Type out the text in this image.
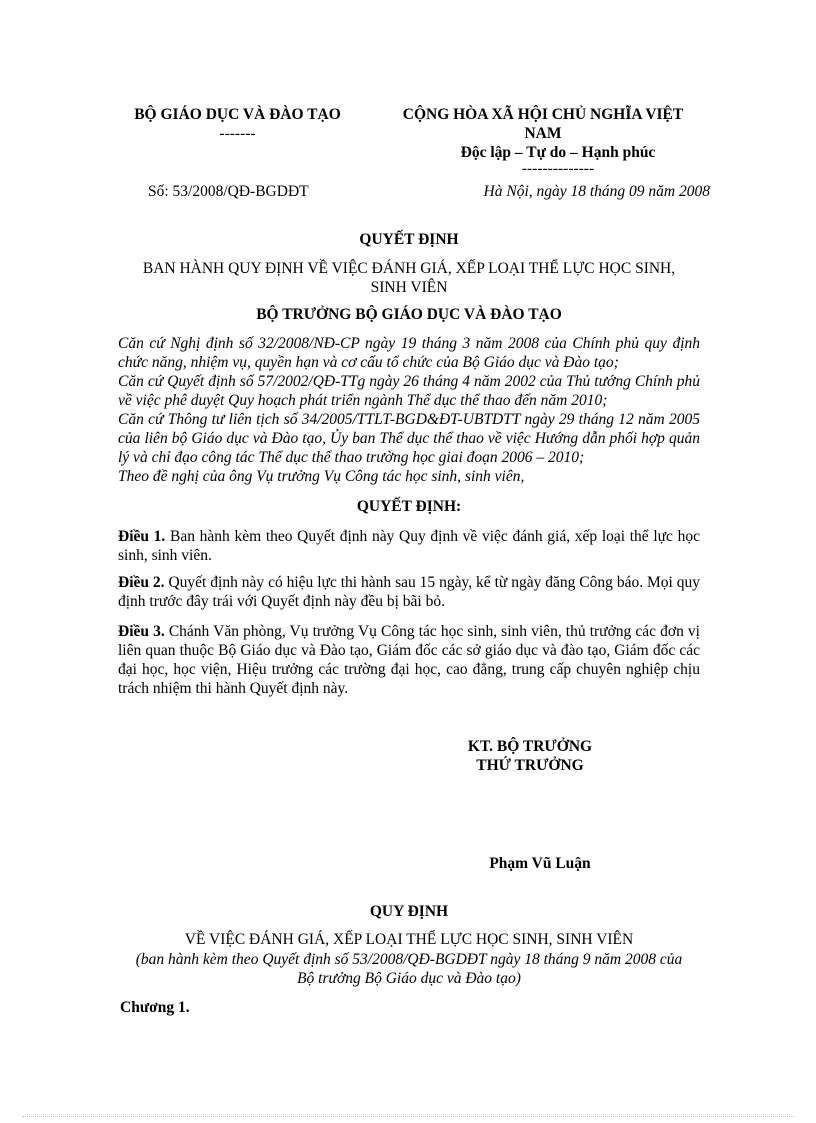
BỘ GIÁO DỤC VÀ ĐÀO TẠO
-------
CỘNG HÒA XÃ HỘI CHỦ NGHĨA VIỆT
NAM
Độc lập – Tự do – Hạnh phúc
--------------
Số: 53/2008/QĐ-BGDĐT	Hà Nội, ngày 18 tháng 09 năm 2008
QUYẾT ĐỊNH
BAN HÀNH QUY ĐỊNH VỀ VIỆC ĐÁNH GIÁ, XẾP LOẠI THỂ LỰC HỌC SINH,
SINH VIÊN
BỘ TRƯỞNG BỘ GIÁO DỤC VÀ ĐÀO TẠO

Căn cứ Nghị định số 32/2008/NĐ-CP ngày 19 tháng 3 năm 2008 của Chính phủ quy định chức năng, nhiệm vụ, quyền hạn và cơ cấu tổ chức của Bộ Giáo dục và Đào tạo;

Căn cứ Quyết định số 57/2002/QĐ-TTg ngày 26 tháng 4 năm 2002 của Thủ tướng Chính phủ về việc phê duyệt Quy hoạch phát triển ngành Thể dục thể thao đến năm 2010;

Căn cứ Thông tư liên tịch số 34/2005/TTLT-BGD&ĐT-UBTDTT ngày 29 tháng 12 năm 2005 của liên bộ Giáo dục và Đào tạo, Ủy ban Thể dục thể thao về việc Hướng dẫn phối hợp quản lý và chỉ đạo công tác Thể dục thể thao trường học giai đoạn 2006 – 2010;

Theo đề nghị của ông Vụ trưởng Vụ Công tác học sinh, sinh viên,

QUYẾT ĐỊNH:

Điều 1. Ban hành kèm theo Quyết định này Quy định về việc đánh giá, xếp loại thể lực học sinh, sinh viên.

Điều 2. Quyết định này có hiệu lực thi hành sau 15 ngày, kể từ ngày đăng Công báo. Mọi quy định trước đây trái với Quyết định này đều bị bãi bỏ.

Điều 3. Chánh Văn phòng, Vụ trưởng Vụ Công tác học sinh, sinh viên, thủ trưởng các đơn vị liên quan thuộc Bộ Giáo dục và Đào tạo, Giám đốc các sở giáo dục và đào tạo, Giám đốc các đại học, học viện, Hiệu trưởng các trường đại học, cao đẳng, trung cấp chuyên nghiệp chịu trách nhiệm thi hành Quyết định này.

KT. BỘ TRƯỞNG
THỨ TRƯỞNG
Phạm Vũ Luận
QUY ĐỊNH
VỀ VIỆC ĐÁNH GIÁ, XẾP LOẠI THỂ LỰC HỌC SINH, SINH VIÊN
(ban hành kèm theo Quyết định số 53/2008/QĐ-BGDĐT ngày 18 tháng 9 năm 2008 của
Bộ trưởng Bộ Giáo dục và Đào tạo)
Chương 1.
